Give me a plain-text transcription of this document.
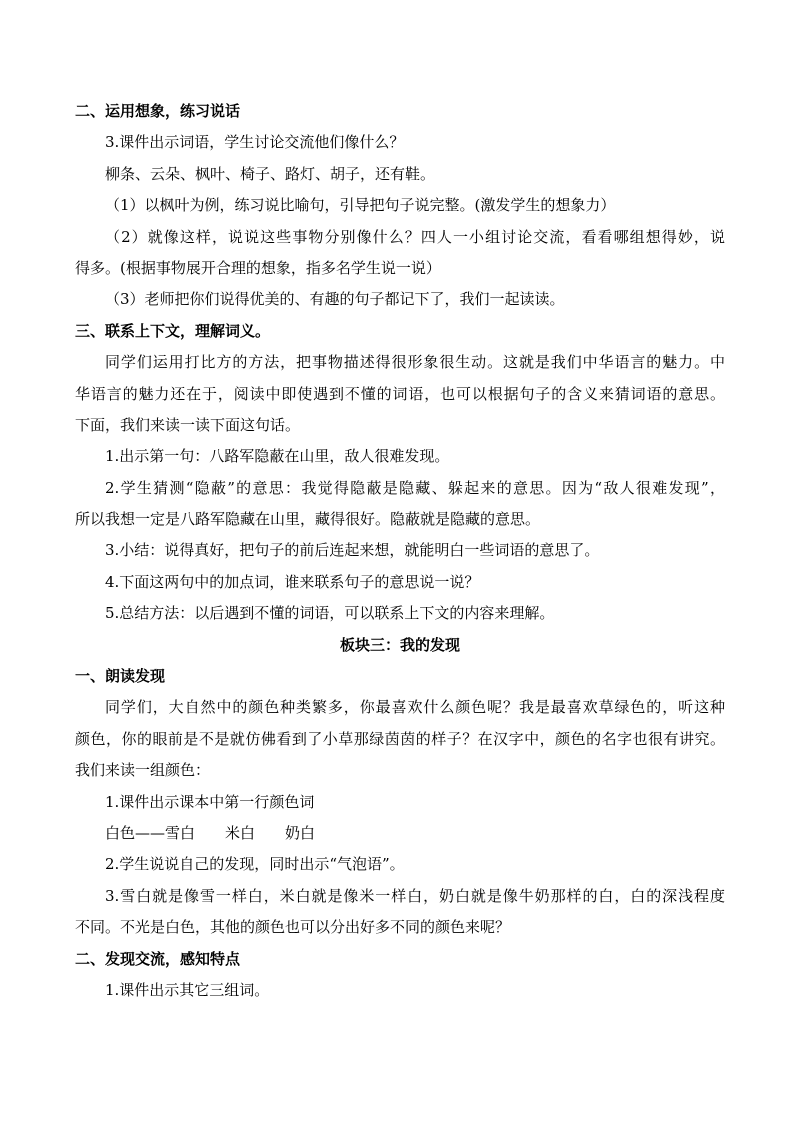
二、运用想象，练习说话
3.课件出示词语，学生讨论交流他们像什么？
柳条、云朵、枫叶、椅子、路灯、胡子，还有鞋。
（1）以枫叶为例，练习说比喻句，引导把句子说完整。(激发学生的想象力）
（2）就像这样，说说这些事物分别像什么？四人一小组讨论交流，看看哪组想得妙，说
得多。(根据事物展开合理的想象，指多名学生说一说）
（3）老师把你们说得优美的、有趣的句子都记下了，我们一起读读。
三、联系上下文，理解词义。
同学们运用打比方的方法，把事物描述得很形象很生动。这就是我们中华语言的魅力。中
华语言的魅力还在于，阅读中即使遇到不懂的词语，也可以根据句子的含义来猜词语的意思。
下面，我们来读一读下面这句话。
1.出示第一句：八路军隐蔽在山里，敌人很难发现。
2.学生猜测“隐蔽”的意思：我觉得隐蔽是隐藏、躲起来的意思。因为“敌人很难发现”，
所以我想一定是八路军隐藏在山里，藏得很好。隐蔽就是隐藏的意思。
3.小结：说得真好，把句子的前后连起来想，就能明白一些词语的意思了。
4.下面这两句中的加点词，谁来联系句子的意思说一说？
5.总结方法：以后遇到不懂的词语，可以联系上下文的内容来理解。
板块三：我的发现
一、朗读发现
同学们，大自然中的颜色种类繁多，你最喜欢什么颜色呢？我是最喜欢草绿色的，听这种
颜色，你的眼前是不是就仿佛看到了小草那绿茵茵的样子？在汉字中，颜色的名字也很有讲究。
我们来读一组颜色：
1.课件出示课本中第一行颜色词
白色——雪白　　米白　　奶白
2.学生说说自己的发现，同时出示“气泡语”。
3.雪白就是像雪一样白，米白就是像米一样白，奶白就是像牛奶那样的白，白的深浅程度
不同。不光是白色，其他的颜色也可以分出好多不同的颜色来呢？
二、发现交流，感知特点
1.课件出示其它三组词。
